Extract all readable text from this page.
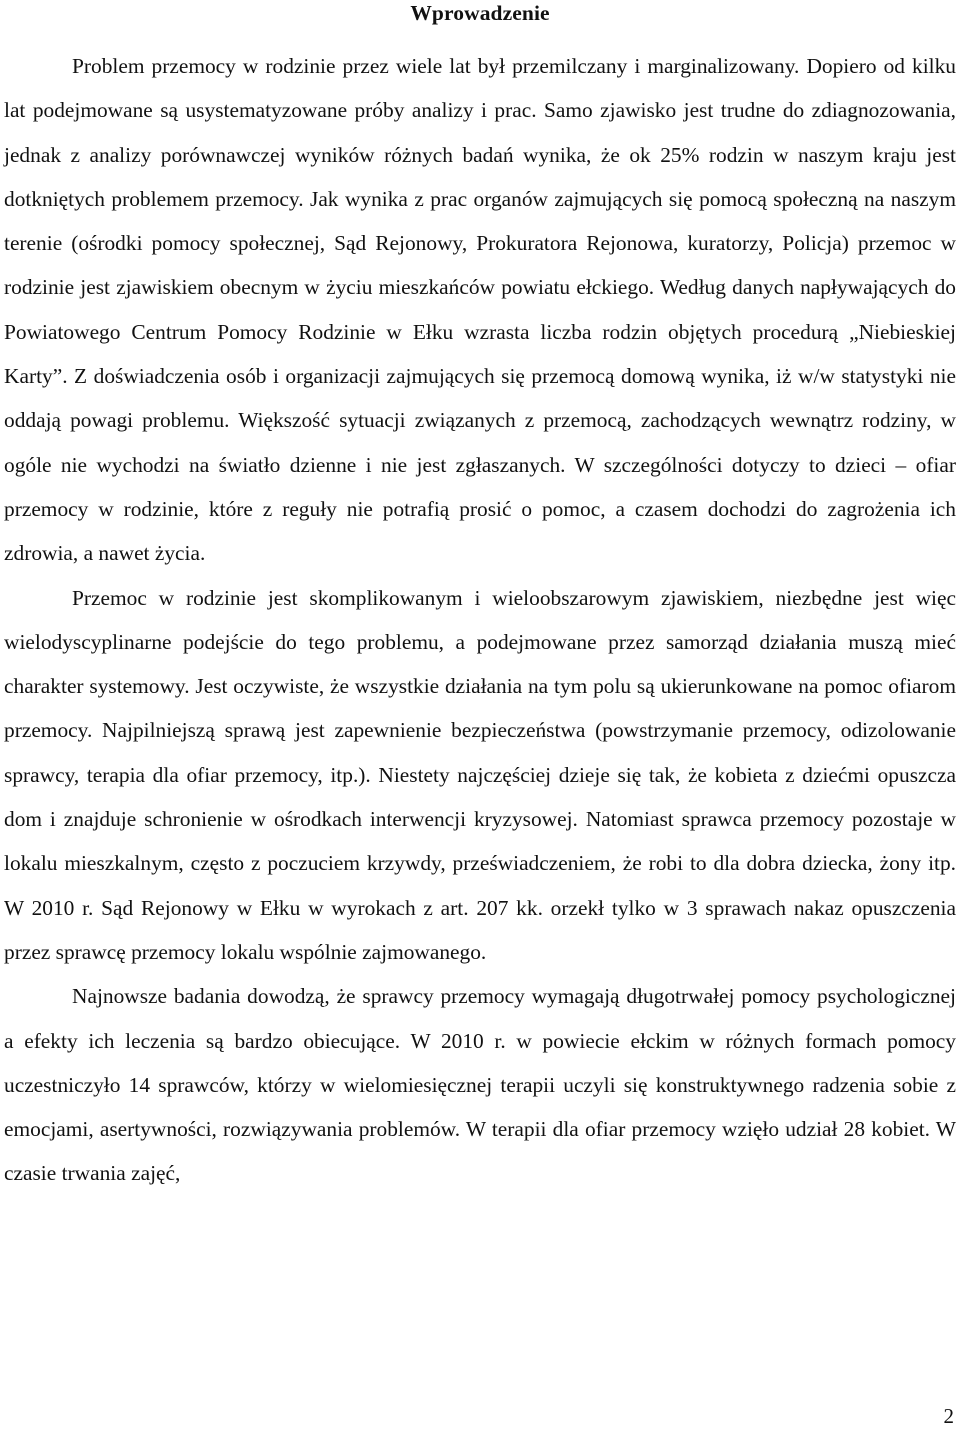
Wprowadzenie

Problem przemocy w rodzinie przez wiele lat był przemilczany i marginalizowany. Dopiero od kilku lat podejmowane są usystematyzowane próby analizy i prac. Samo zjawisko jest trudne do zdiagnozowania, jednak z analizy porównawczej wyników różnych badań wynika, że ok 25% rodzin w naszym kraju jest dotkniętych problemem przemocy. Jak wynika z prac organów zajmujących się pomocą społeczną na naszym terenie (ośrodki pomocy społecznej, Sąd Rejonowy, Prokuratora Rejonowa, kuratorzy, Policja) przemoc w rodzinie jest zjawiskiem obecnym w życiu mieszkańców powiatu ełckiego. Według danych napływających do Powiatowego Centrum Pomocy Rodzinie w Ełku wzrasta liczba rodzin objętych procedurą „Niebieskiej Karty”. Z doświadczenia osób i organizacji zajmujących się przemocą domową wynika, iż w/w statystyki nie oddają powagi problemu. Większość sytuacji związanych z przemocą, zachodzących wewnątrz rodziny, w ogóle nie wychodzi na światło dzienne i nie jest zgłaszanych. W szczególności dotyczy to dzieci – ofiar przemocy w rodzinie, które z reguły nie potrafią prosić o pomoc, a czasem dochodzi do zagrożenia ich zdrowia, a nawet życia.

Przemoc w rodzinie jest skomplikowanym i wieloobszarowym zjawiskiem, niezbędne jest więc wielodyscyplinarne podejście do tego problemu, a podejmowane przez samorząd działania muszą mieć charakter systemowy. Jest oczywiste, że wszystkie działania na tym polu są ukierunkowane na pomoc ofiarom przemocy. Najpilniejszą sprawą jest zapewnienie bezpieczeństwa (powstrzymanie przemocy, odizolowanie sprawcy, terapia dla ofiar przemocy, itp.). Niestety najczęściej dzieje się tak, że kobieta z dziećmi opuszcza dom i znajduje schronienie w ośrodkach interwencji kryzysowej. Natomiast sprawca przemocy pozostaje w lokalu mieszkalnym, często z poczuciem krzywdy, przeświadczeniem, że robi to dla dobra dziecka, żony itp. W 2010 r. Sąd Rejonowy w Ełku w wyrokach z art. 207 kk. orzekł tylko w 3 sprawach nakaz opuszczenia przez sprawcę przemocy lokalu wspólnie zajmowanego.

Najnowsze badania dowodzą, że sprawcy przemocy wymagają długotrwałej pomocy psychologicznej a efekty ich leczenia są bardzo obiecujące. W 2010 r. w powiecie ełckim w różnych formach pomocy uczestniczyło 14 sprawców, którzy w wielomiesięcznej terapii uczyli się konstruktywnego radzenia sobie z emocjami, asertywności, rozwiązywania problemów. W terapii dla ofiar przemocy wzięło udział 28 kobiet. W czasie trwania zajęć,

2
